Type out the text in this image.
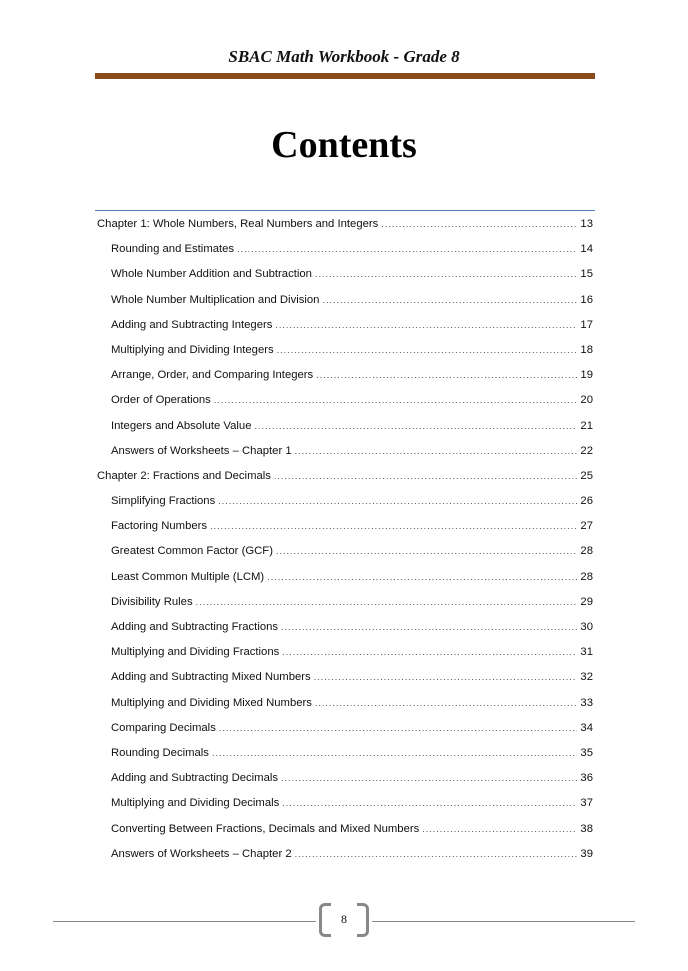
SBAC Math Workbook - Grade 8
Contents
Chapter 1: Whole Numbers, Real Numbers and Integers .....	13
Rounding and Estimates .....	14
Whole Number Addition and Subtraction .....	15
Whole Number Multiplication and Division .....	16
Adding and Subtracting Integers .....	17
Multiplying and Dividing Integers .....	18
Arrange, Order, and Comparing Integers .....	19
Order of Operations .....	20
Integers and Absolute Value .....	21
Answers of Worksheets – Chapter 1 .....	22
Chapter 2: Fractions and Decimals .....	25
Simplifying Fractions .....	26
Factoring Numbers .....	27
Greatest Common Factor (GCF) .....	28
Least Common Multiple (LCM) .....	28
Divisibility Rules .....	29
Adding and Subtracting Fractions .....	30
Multiplying and Dividing Fractions .....	31
Adding and Subtracting Mixed Numbers .....	32
Multiplying and Dividing Mixed Numbers .....	33
Comparing Decimals .....	34
Rounding Decimals .....	35
Adding and Subtracting Decimals .....	36
Multiplying and Dividing Decimals .....	37
Converting Between Fractions, Decimals and Mixed Numbers .....	38
Answers of Worksheets – Chapter 2 .....	39
8
